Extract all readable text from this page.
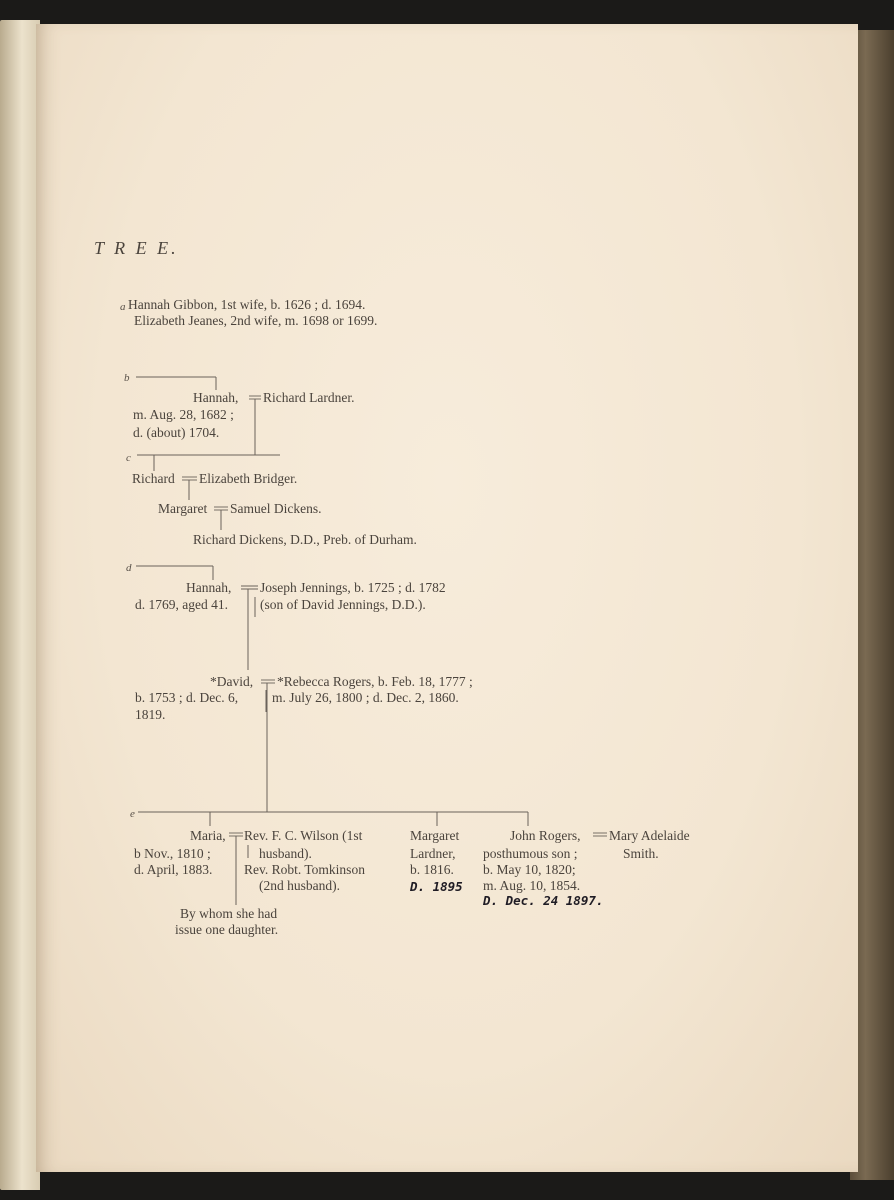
T R E E.
a Hannah Gibbon, 1st wife, b. 1626 ; d. 1694.
Elizabeth Jeanes, 2nd wife, m. 1698 or 1699.
b
Hannah, Richard Lardner.
m. Aug. 28, 1682 ;
d. (about) 1704.
c
Richard Elizabeth Bridger.
Margaret Samuel Dickens.
Richard Dickens, D.D., Preb. of Durham.
d
Hannah, Joseph Jennings, b. 1725 ; d. 1782
d. 1769, aged 41. (son of David Jennings, D.D.).
*David, *Rebecca Rogers, b. Feb. 18, 1777 ;
b. 1753 ; d. Dec. 6,
1819.
m. July 26, 1800 ; d. Dec. 2, 1860.
e
Maria,
b Nov., 1810 ;
d. April, 1883.
Rev. F. C. Wilson (1st
husband).
Rev. Robt. Tomkinson
(2nd husband).
By whom she had
issue one daughter.
Margaret
Lardner,
b. 1816.
D. 1895
John Rogers,
posthumous son ;
b. May 10, 1820;
m. Aug. 10, 1854.
D. Dec. 24 1897.
Mary Adelaide
Smith.
